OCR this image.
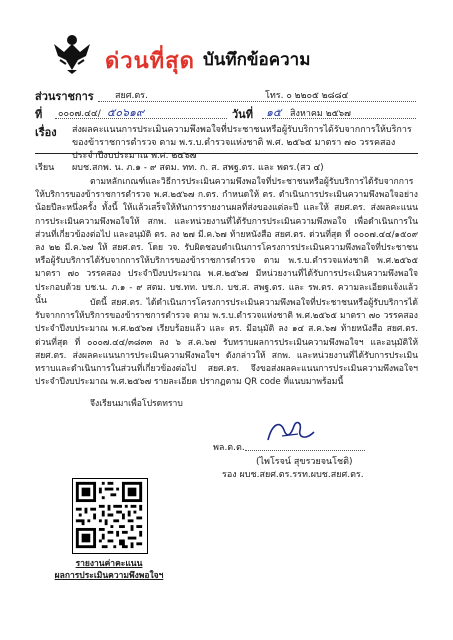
ด่วนที่สุด บันทึกข้อความ
ส่วนราชการ สยศ.ตร.	โทร. ๐ ๒๒๐๕ ๒๘๘๔
ที่ ๐๐๐๗.๔๔/ ๕๐๖๑๙	วันที่ ๑๕ สิงหาคม ๒๕๖๗
เรื่อง ส่งผลคะแนนการประเมินความพึงพอใจที่ประชาชนหรือผู้รับบริการได้รับจากการให้บริการของข้าราชการตำรวจ ตาม พ.ร.บ.ตำรวจแห่งชาติ พ.ศ. ๒๕๖๕ มาตรา ๗๐ วรรคสอง ประจำปีงบประมาณ พ.ศ. ๒๕๖๗
เรียน ผบช.สกพ. น. ภ.๑ - ๙ สตม. ทท. ก. ส. สพฐ.ตร. และ พตร.(สว ๔)
ตามหลักเกณฑ์และวิธีการประเมินความพึงพอใจที่ประชาชนหรือผู้รับบริการได้รับจากการให้บริการของข้าราชการตำรวจ พ.ศ.๒๕๖๗ ก.ตร. กำหนดให้ ตร. ดำเนินการประเมินความพึงพอใจอย่างน้อยปีละหนึ่งครั้ง ทั้งนี้ ให้แล้วเสร็จให้ทันการรายงานผลที่ส่งของแต่ละปี และให้ สยศ.ตร. ส่งผลคะแนนการประเมินความพึงพอใจให้ สกพ. และหน่วยงานที่ได้รับการประเมินความพึงพอใจ เพื่อดำเนินการในส่วนที่เกี่ยวข้องต่อไป และอนุมัติ ตร. ลง ๒๗ มี.ค.๖๗ ท้ายหนังสือ สยศ.ตร. ด่วนที่สุด ที่ ๐๐๐๗.๔๔/๑๕๐๙ ลง ๒๒ มี.ค.๖๗ ให้ สยศ.ตร. โดย วจ. รับผิดชอบดำเนินการโครงการประเมินความพึงพอใจที่ประชาชนหรือผู้รับบริการได้รับจากการให้บริการของข้าราชการตำรวจ ตาม พ.ร.บ.ตำรวจแห่งชาติ พ.ศ.๒๕๖๕ มาตรา ๗๐ วรรคสอง ประจำปีงบประมาณ พ.ศ.๒๕๖๗ มีหน่วยงานที่ได้รับการประเมินความพึงพอใจ ประกอบด้วย บช.น. ภ.๑ - ๙ สตม. บช.ทท. บช.ก. บช.ส. สพฐ.ตร. และ รพ.ตร. ความละเอียดแจ้งแล้ว นั้น	บัดนี้ สยศ.ตร. ได้ดำเนินการโครงการประเมินความพึงพอใจที่ประชาชนหรือผู้รับบริการได้รับจากการให้บริการของข้าราชการตำรวจ ตาม พ.ร.บ.ตำรวจแห่งชาติ พ.ศ.๒๕๖๕ มาตรา ๗๐ วรรคสอง ประจำปีงบประมาณ พ.ศ.๒๕๖๗ เรียบร้อยแล้ว และ ตร. มีอนุมัติ ลง ๑๔ ส.ค.๖๗ ท้ายหนังสือ สยศ.ตร. ด่วนที่สุด ที่ ๐๐๐๗.๔๔/๓๘๓๓ ลง ๖ ส.ค.๖๗ รับทราบผลการประเมินความพึงพอใจฯ และอนุมัติให้ สยศ.ตร. ส่งผลคะแนนการประเมินความพึงพอใจฯ ดังกล่าวให้ สกพ. และหน่วยงานที่ได้รับการประเมินทราบและดำเนินการในส่วนที่เกี่ยวข้องต่อไป สยศ.ตร. จึงขอส่งผลคะแนนการประเมินความพึงพอใจฯ ประจำปีงบประมาณ พ.ศ.๒๕๖๗ รายละเอียด ปรากฏตาม QR code ที่แนบมาพร้อมนี้
จึงเรียนมาเพื่อโปรดทราบ
พล.ต.ต.
(ไพโรจน์ สุขรวยจนโชติ)
รอง ผบช.สยศ.ตร.รรท.ผบช.สยศ.ตร.
รายงานค่าคะแนน
ผลการประเมินความพึงพอใจฯ
